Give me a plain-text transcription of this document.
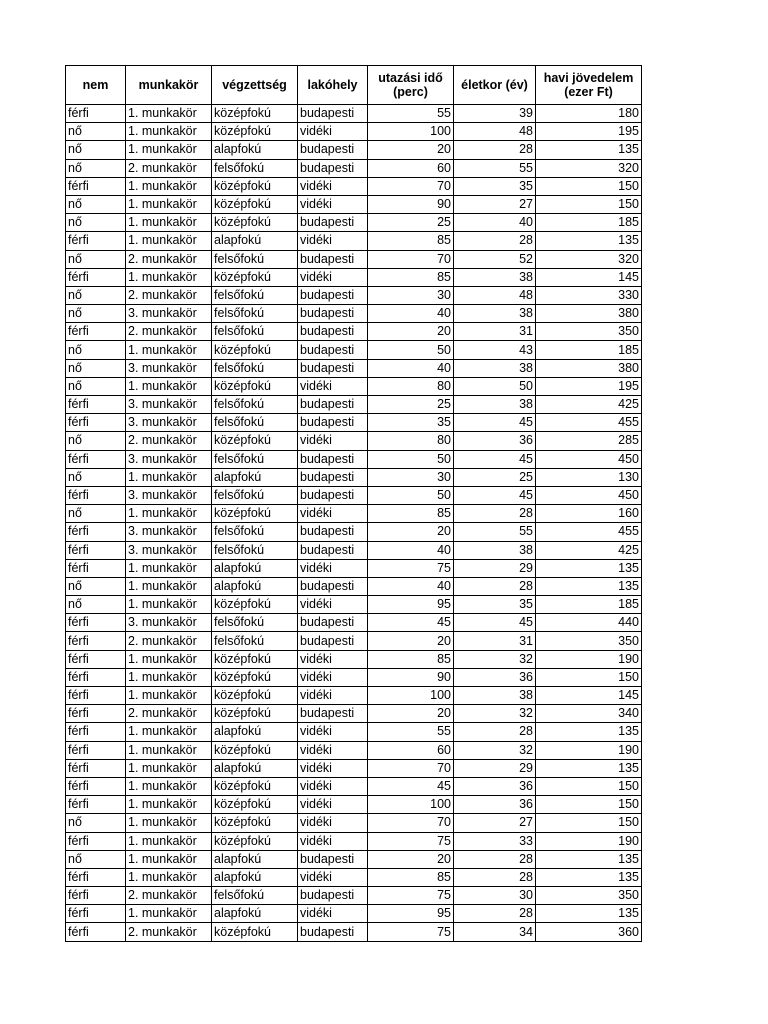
nem	munkakör	végzettség	lakóhely	utazási idő (perc)	életkor (év)	havi jövedelem (ezer Ft)
férfi	1. munkakör	középfokú	budapesti	55	39	180
nő	1. munkakör	középfokú	vidéki	100	48	195
nő	1. munkakör	alapfokú	budapesti	20	28	135
nő	2. munkakör	felsőfokú	budapesti	60	55	320
férfi	1. munkakör	középfokú	vidéki	70	35	150
nő	1. munkakör	középfokú	vidéki	90	27	150
nő	1. munkakör	középfokú	budapesti	25	40	185
férfi	1. munkakör	alapfokú	vidéki	85	28	135
nő	2. munkakör	felsőfokú	budapesti	70	52	320
férfi	1. munkakör	középfokú	vidéki	85	38	145
nő	2. munkakör	felsőfokú	budapesti	30	48	330
nő	3. munkakör	felsőfokú	budapesti	40	38	380
férfi	2. munkakör	felsőfokú	budapesti	20	31	350
nő	1. munkakör	középfokú	budapesti	50	43	185
nő	3. munkakör	felsőfokú	budapesti	40	38	380
nő	1. munkakör	középfokú	vidéki	80	50	195
férfi	3. munkakör	felsőfokú	budapesti	25	38	425
férfi	3. munkakör	felsőfokú	budapesti	35	45	455
nő	2. munkakör	középfokú	vidéki	80	36	285
férfi	3. munkakör	felsőfokú	budapesti	50	45	450
nő	1. munkakör	alapfokú	budapesti	30	25	130
férfi	3. munkakör	felsőfokú	budapesti	50	45	450
nő	1. munkakör	középfokú	vidéki	85	28	160
férfi	3. munkakör	felsőfokú	budapesti	20	55	455
férfi	3. munkakör	felsőfokú	budapesti	40	38	425
férfi	1. munkakör	alapfokú	vidéki	75	29	135
nő	1. munkakör	alapfokú	budapesti	40	28	135
nő	1. munkakör	középfokú	vidéki	95	35	185
férfi	3. munkakör	felsőfokú	budapesti	45	45	440
férfi	2. munkakör	felsőfokú	budapesti	20	31	350
férfi	1. munkakör	középfokú	vidéki	85	32	190
férfi	1. munkakör	középfokú	vidéki	90	36	150
férfi	1. munkakör	középfokú	vidéki	100	38	145
férfi	2. munkakör	középfokú	budapesti	20	32	340
férfi	1. munkakör	alapfokú	vidéki	55	28	135
férfi	1. munkakör	középfokú	vidéki	60	32	190
férfi	1. munkakör	alapfokú	vidéki	70	29	135
férfi	1. munkakör	középfokú	vidéki	45	36	150
férfi	1. munkakör	középfokú	vidéki	100	36	150
nő	1. munkakör	középfokú	vidéki	70	27	150
férfi	1. munkakör	középfokú	vidéki	75	33	190
nő	1. munkakör	alapfokú	budapesti	20	28	135
férfi	1. munkakör	alapfokú	vidéki	85	28	135
férfi	2. munkakör	felsőfokú	budapesti	75	30	350
férfi	1. munkakör	alapfokú	vidéki	95	28	135
férfi	2. munkakör	középfokú	budapesti	75	34	360
